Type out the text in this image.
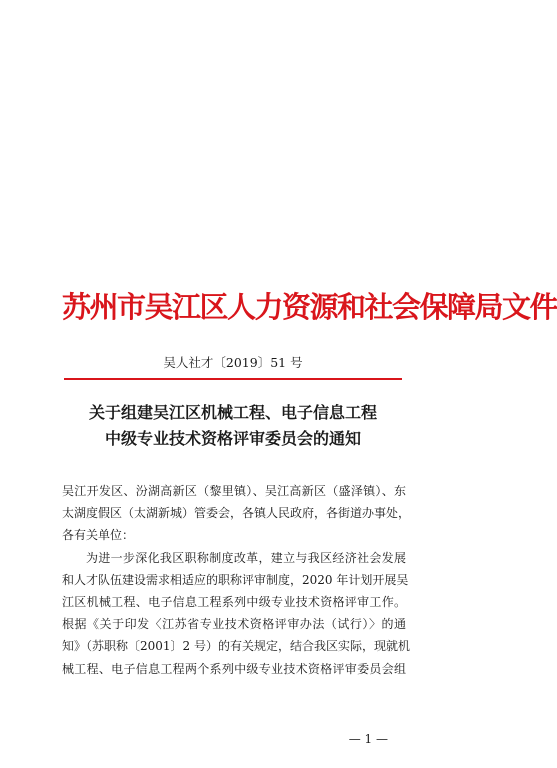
苏州市吴江区人力资源和社会保障局文件
吴人社才〔2019〕51 号
关于组建吴江区机械工程、电子信息工程
中级专业技术资格评审委员会的通知
吴江开发区、汾湖高新区（黎里镇）、吴江高新区（盛泽镇）、东
太湖度假区（太湖新城）管委会，各镇人民政府，各街道办事处，
各有关单位：
为进一步深化我区职称制度改革，建立与我区经济社会发展
和人才队伍建设需求相适应的职称评审制度，2020 年计划开展吴
江区机械工程、电子信息工程系列中级专业技术资格评审工作。
根据《关于印发〈江苏省专业技术资格评审办法（试行）〉的通
知》（苏职称〔2001〕2 号）的有关规定，结合我区实际，现就机
械工程、电子信息工程两个系列中级专业技术资格评审委员会组
— 1 —
